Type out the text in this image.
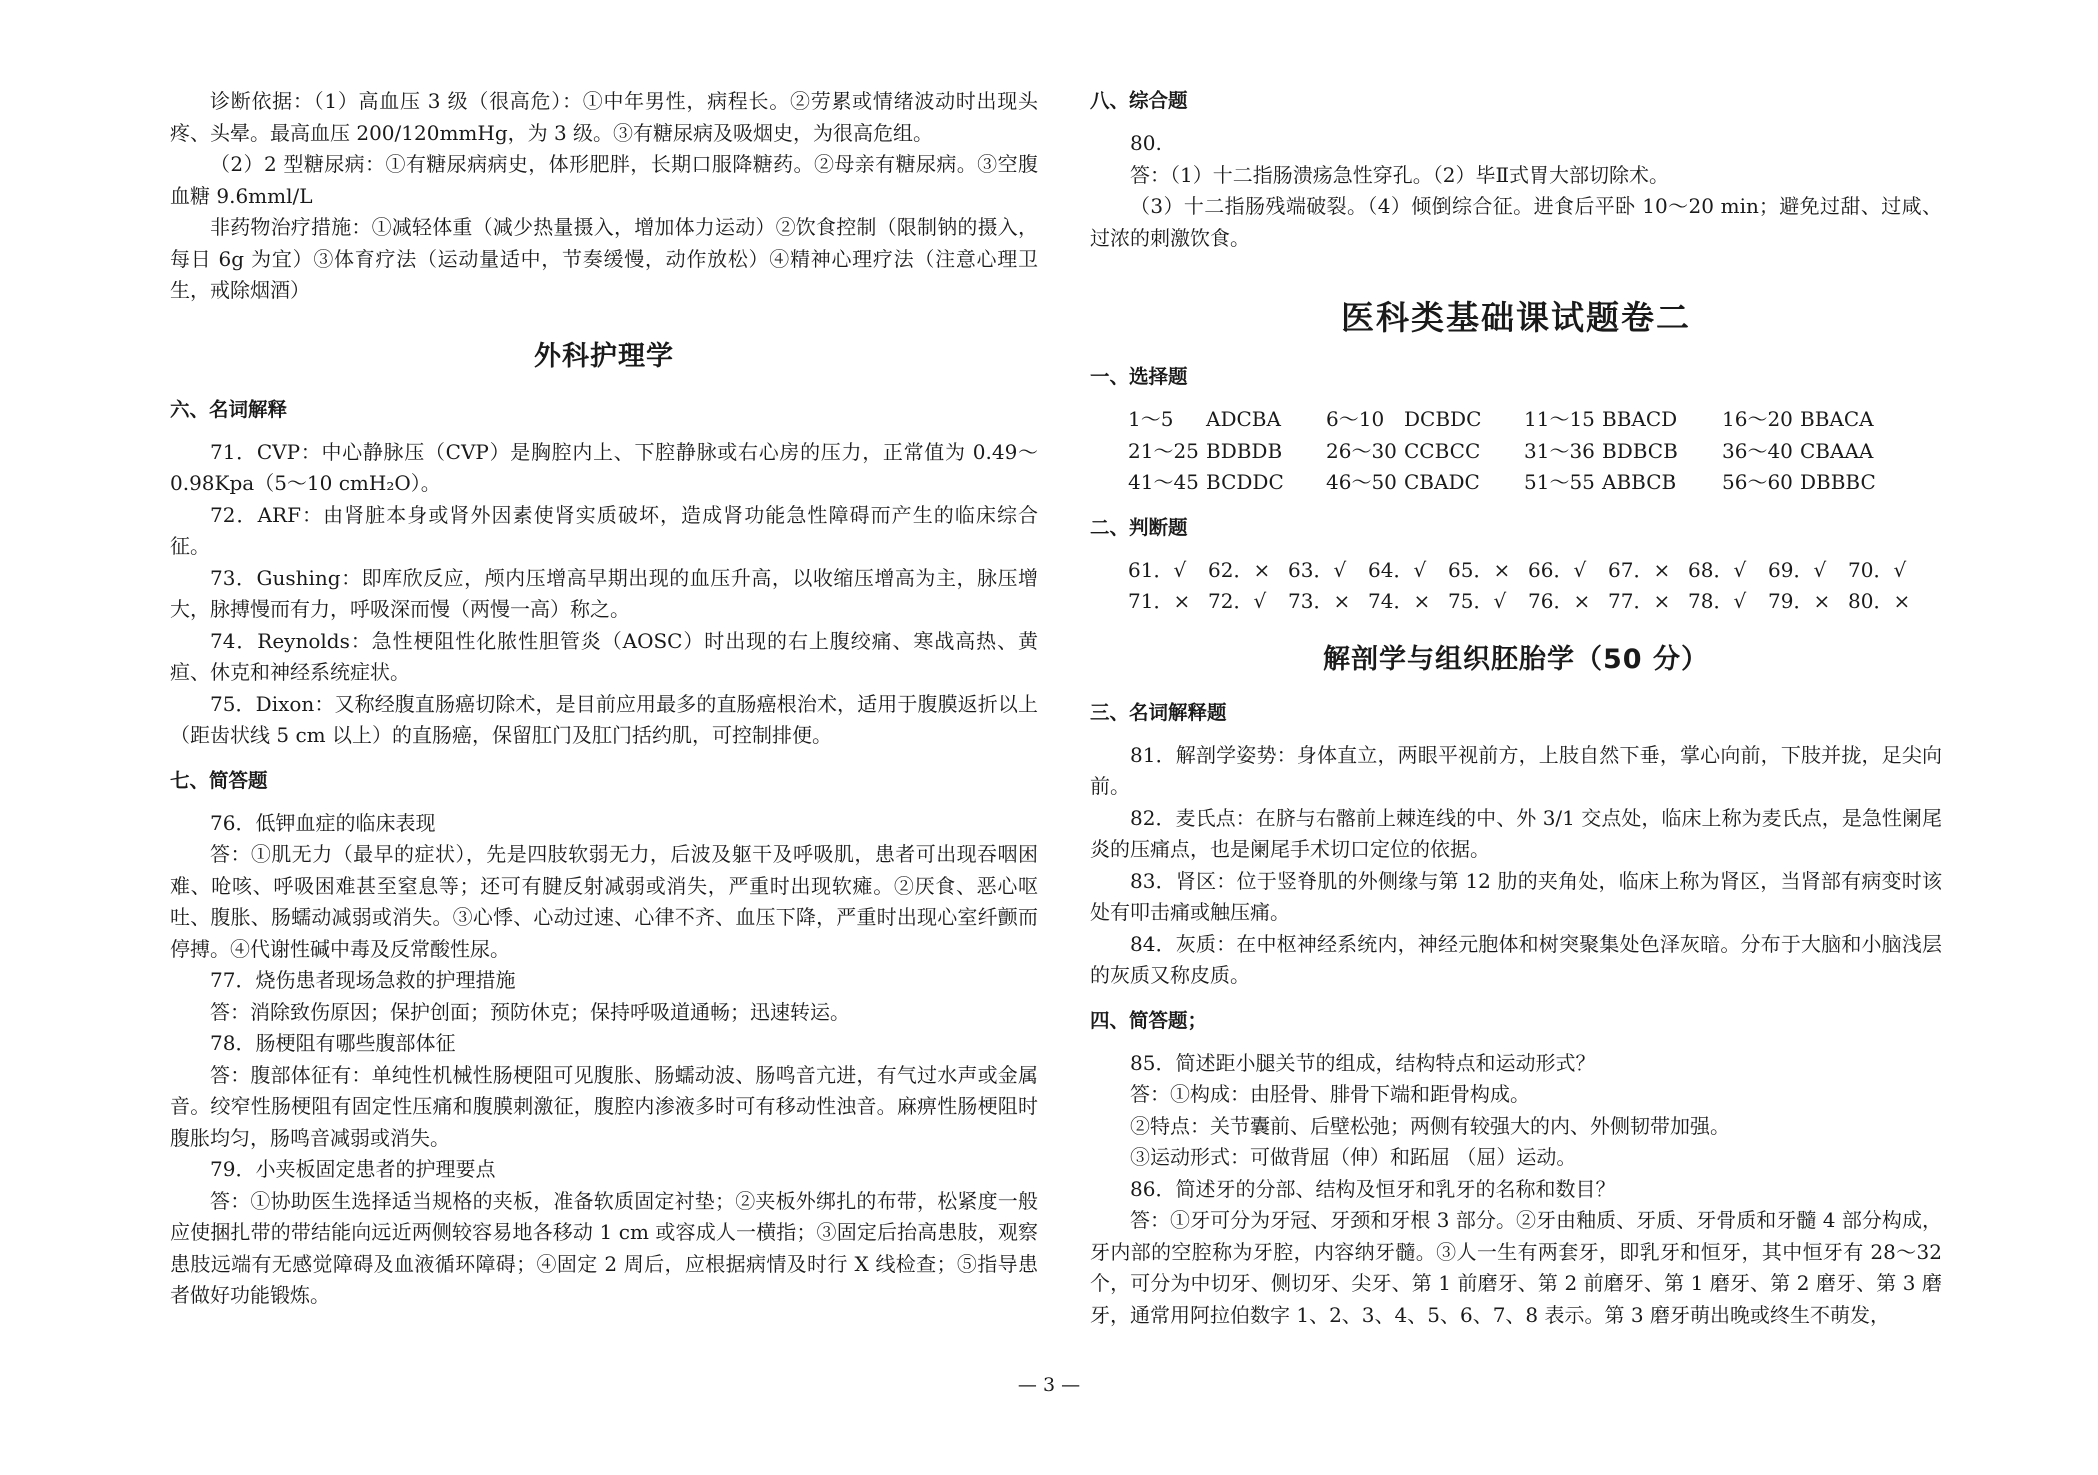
诊断依据：（1）高血压 3 级（很高危）：①中年男性，病程长。②劳累或情绪波动时出现头疼、头晕。最高血压 200/120mmHg，为 3 级。③有糖尿病及吸烟史，为很高危组。

（2）2 型糖尿病：①有糖尿病病史，体形肥胖，长期口服降糖药。②母亲有糖尿病。③空腹血糖 9.6mml/L

非药物治疗措施：①减轻体重（减少热量摄入，增加体力运动）②饮食控制（限制钠的摄入，每日 6g 为宜）③体育疗法（运动量适中，节奏缓慢，动作放松）④精神心理疗法（注意心理卫生，戒除烟酒）

外科护理学
六、名词解释

71．CVP：中心静脉压（CVP）是胸腔内上、下腔静脉或右心房的压力，正常值为 0.49～0.98Kpa（5～10 cmH₂O）。

72．ARF：由肾脏本身或肾外因素使肾实质破坏，造成肾功能急性障碍而产生的临床综合征。

73．Gushing：即库欣反应，颅内压增高早期出现的血压升高，以收缩压增高为主，脉压增大，脉搏慢而有力，呼吸深而慢（两慢一高）称之。

74．Reynolds：急性梗阻性化脓性胆管炎（AOSC）时出现的右上腹绞痛、寒战高热、黄疸、休克和神经系统症状。

75．Dixon：又称经腹直肠癌切除术，是目前应用最多的直肠癌根治术，适用于腹膜返折以上（距齿状线 5 cm 以上）的直肠癌，保留肛门及肛门括约肌，可控制排便。

七、简答题

76．低钾血症的临床表现

答：①肌无力（最早的症状），先是四肢软弱无力，后波及躯干及呼吸肌，患者可出现吞咽困难、呛咳、呼吸困难甚至窒息等；还可有腱反射减弱或消失，严重时出现软瘫。②厌食、恶心呕吐、腹胀、肠蠕动减弱或消失。③心悸、心动过速、心律不齐、血压下降，严重时出现心室纤颤而停搏。④代谢性碱中毒及反常酸性尿。

77．烧伤患者现场急救的护理措施

答：消除致伤原因；保护创面；预防休克；保持呼吸道通畅；迅速转运。

78．肠梗阻有哪些腹部体征

答：腹部体征有：单纯性机械性肠梗阻可见腹胀、肠蠕动波、肠鸣音亢进，有气过水声或金属音。绞窄性肠梗阻有固定性压痛和腹膜刺激征，腹腔内渗液多时可有移动性浊音。麻痹性肠梗阻时腹胀均匀，肠鸣音减弱或消失。

79．小夹板固定患者的护理要点

答：①协助医生选择适当规格的夹板，准备软质固定衬垫；②夹板外绑扎的布带，松紧度一般应使捆扎带的带结能向远近两侧较容易地各移动 1 cm 或容成人一横指；③固定后抬高患肢，观察患肢远端有无感觉障碍及血液循环障碍；④固定 2 周后，应根据病情及时行 X 线检查；⑤指导患者做好功能锻炼。

八、综合题

80.

答：（1）十二指肠溃疡急性穿孔。（2）毕Ⅱ式胃大部切除术。

（3）十二指肠残端破裂。（4）倾倒综合征。进食后平卧 10～20 min；避免过甜、过咸、过浓的刺激饮食。

医科类基础课试题卷二
一、选择题
1～5	ADCBA	6～10	DCBDC	11～15	BBACD	16～20	BBACA
21～25	BDBDB	26～30	CCBCC	31～36	BDBCB	36～40	CBAAA
41～45	BCDDC	46～50	CBADC	51～55	ABBCB	56～60	DBBBC
二、判断题
61．√	62．× 63．√	64．√	65．× 66．√	67．× 68．√	69．√	70．√
71．× 72．√	73．× 74．× 75．√	76．× 77．× 78．√	79．× 80．×
解剖学与组织胚胎学（50 分）
三、名词解释题

81．解剖学姿势：身体直立，两眼平视前方，上肢自然下垂，掌心向前，下肢并拢，足尖向前。

82．麦氏点：在脐与右髂前上棘连线的中、外 3/1 交点处，临床上称为麦氏点，是急性阑尾炎的压痛点，也是阑尾手术切口定位的依据。

83．肾区：位于竖脊肌的外侧缘与第 12 肋的夹角处，临床上称为肾区，当肾部有病变时该处有叩击痛或触压痛。

84．灰质：在中枢神经系统内，神经元胞体和树突聚集处色泽灰暗。分布于大脑和小脑浅层的灰质又称皮质。

四、简答题；

85．简述距小腿关节的组成，结构特点和运动形式？

答：①构成：由胫骨、腓骨下端和距骨构成。

②特点：关节囊前、后壁松弛；两侧有较强大的内、外侧韧带加强。

③运动形式：可做背屈（伸）和跖屈 （屈）运动。

86．简述牙的分部、结构及恒牙和乳牙的名称和数目？

答：①牙可分为牙冠、牙颈和牙根 3 部分。②牙由釉质、牙质、牙骨质和牙髓 4 部分构成，牙内部的空腔称为牙腔，内容纳牙髓。③人一生有两套牙，即乳牙和恒牙，其中恒牙有 28～32 个，可分为中切牙、侧切牙、尖牙、第 1 前磨牙、第 2 前磨牙、第 1 磨牙、第 2 磨牙、第 3 磨牙，通常用阿拉伯数字 1、2、3、4、5、6、7、8 表示。第 3 磨牙萌出晚或终生不萌发，

— 3 —
